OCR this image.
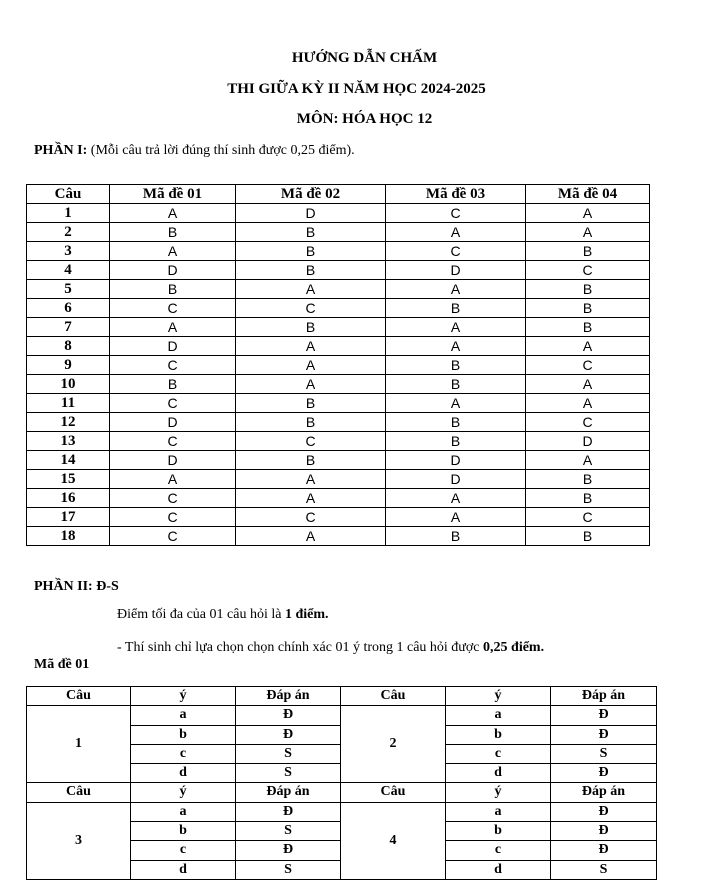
HƯỚNG DẪN CHẤM
THI GIỮA KỲ II NĂM HỌC 2024-2025
MÔN: HÓA HỌC 12
PHẦN I: (Mỗi câu trả lời đúng thí sinh được 0,25 điểm).
Câu	Mã đề 01	Mã đề 02	Mã đề 03	Mã đề 04
1	A	D	C	A
2	B	B	A	A
3	A	B	C	B
4	D	B	D	C
5	B	A	A	B
6	C	C	B	B
7	A	B	A	B
8	D	A	A	A
9	C	A	B	C
10	B	A	B	A
11	C	B	A	A
12	D	B	B	C
13	C	C	B	D
14	D	B	D	A
15	A	A	D	B
16	C	A	A	B
17	C	C	A	C
18	C	A	B	B
PHẦN II: Đ-S
Điểm tối đa của 01 câu hỏi là 1 điểm.
- Thí sinh chỉ lựa chọn chọn chính xác 01 ý trong 1 câu hỏi được 0,25 điểm.
Mã đề 01
Câu	ý	Đáp án	Câu	ý	Đáp án
1	a	Đ	2	a	Đ
	b	Đ		b	Đ
	c	S		c	S
	d	S		d	Đ
Câu	ý	Đáp án	Câu	ý	Đáp án
3	a	Đ	4	a	Đ
	b	S		b	Đ
	c	Đ		c	Đ
	d	S		d	S
